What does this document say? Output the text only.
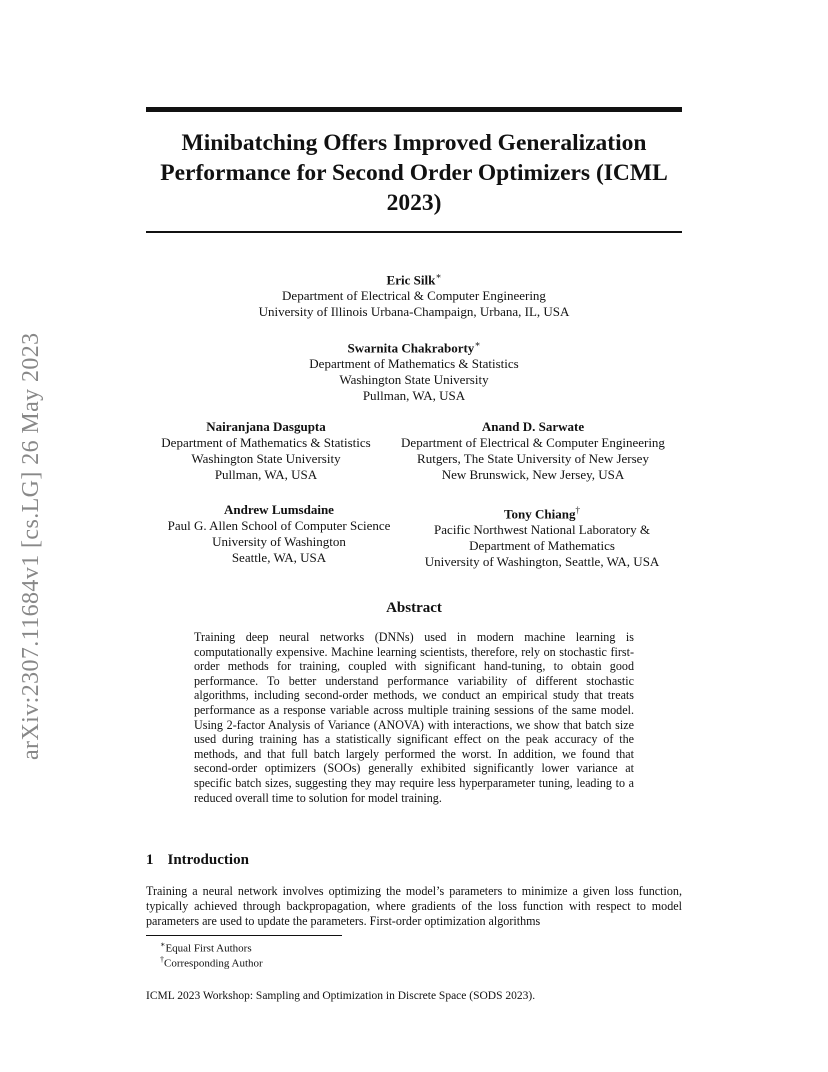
arXiv:2307.11684v1 [cs.LG] 26 May 2023
Minibatching Offers Improved Generalization
Performance for Second Order Optimizers (ICML
2023)
Eric Silk∗
Department of Electrical & Computer Engineering
University of Illinois Urbana-Champaign, Urbana, IL, USA
Swarnita Chakraborty∗
Department of Mathematics & Statistics
Washington State University
Pullman, WA, USA
Nairanjana Dasgupta
Department of Mathematics & Statistics
Washington State University
Pullman, WA, USA
Anand D. Sarwate
Department of Electrical & Computer Engineering
Rutgers, The State University of New Jersey
New Brunswick, New Jersey, USA
Andrew Lumsdaine
Paul G. Allen School of Computer Science
University of Washington
Seattle, WA, USA
Tony Chiang†
Pacific Northwest National Laboratory &
Department of Mathematics
University of Washington, Seattle, WA, USA
Abstract
Training deep neural networks (DNNs) used in modern machine learning is computationally expensive. Machine learning scientists, therefore, rely on stochastic first-order methods for training, coupled with significant hand-tuning, to obtain good performance. To better understand performance variability of different stochastic algorithms, including second-order methods, we conduct an empirical study that treats performance as a response variable across multiple training sessions of the same model. Using 2-factor Analysis of Variance (ANOVA) with interactions, we show that batch size used during training has a statistically significant effect on the peak accuracy of the methods, and that full batch largely performed the worst. In addition, we found that second-order optimizers (SOOs) generally exhibited significantly lower variance at specific batch sizes, suggesting they may require less hyperparameter tuning, leading to a reduced overall time to solution for model training.
1 Introduction
Training a neural network involves optimizing the model’s parameters to minimize a given loss function, typically achieved through backpropagation, where gradients of the loss function with respect to model parameters are used to update the parameters. First-order optimization algorithms
∗Equal First Authors
†Corresponding Author
ICML 2023 Workshop: Sampling and Optimization in Discrete Space (SODS 2023).
